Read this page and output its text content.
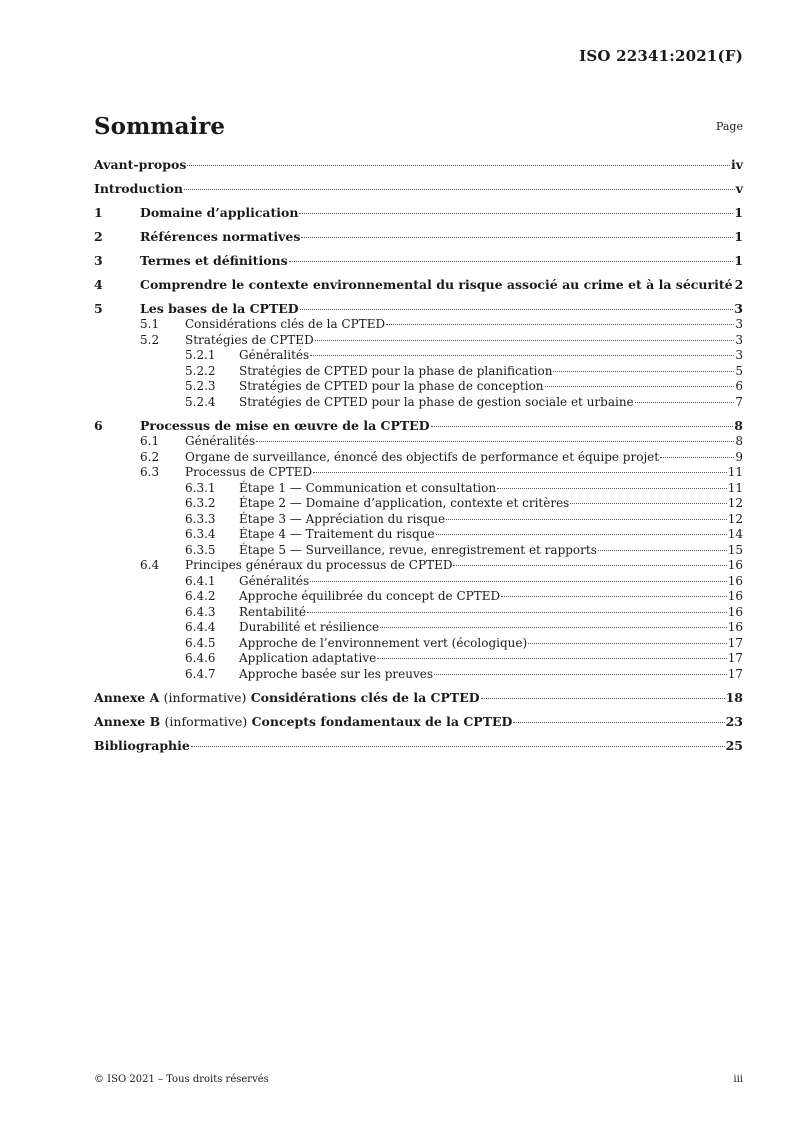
ISO 22341:2021(F)
Sommaire	Page
Avant-propos	iv
Introduction	v
1	Domaine d’application	1
2	Références normatives	1
3	Termes et définitions	1
4	Comprendre le contexte environnemental du risque associé au crime et à la sécurité 2
5	Les bases de la CPTED	3
5.1 Considérations clés de la CPTED	3
5.2 Stratégies de CPTED	3
5.2.1 Généralités	3
5.2.2 Stratégies de CPTED pour la phase de planification	5
5.2.3 Stratégies de CPTED pour la phase de conception	6
5.2.4 Stratégies de CPTED pour la phase de gestion sociale et urbaine	7
6	Processus de mise en œuvre de la CPTED	8
6.1 Généralités	8
6.2 Organe de surveillance, énoncé des objectifs de performance et équipe projet	9
6.3 Processus de CPTED	11
6.3.1 Étape 1 — Communication et consultation	11
6.3.2 Étape 2 — Domaine d’application, contexte et critères	12
6.3.3 Étape 3 — Appréciation du risque	12
6.3.4 Étape 4 — Traitement du risque	14
6.3.5 Étape 5 — Surveillance, revue, enregistrement et rapports	15
6.4 Principes généraux du processus de CPTED	16
6.4.1 Généralités	16
6.4.2 Approche équilibrée du concept de CPTED	16
6.4.3 Rentabilité	16
6.4.4 Durabilité et résilience	16
6.4.5 Approche de l’environnement vert (écologique)	17
6.4.6 Application adaptative	17
6.4.7 Approche basée sur les preuves	17
Annexe A (informative) Considérations clés de la CPTED	18
Annexe B (informative) Concepts fondamentaux de la CPTED	23
Bibliographie	25
© ISO 2021 – Tous droits réservés	iii
